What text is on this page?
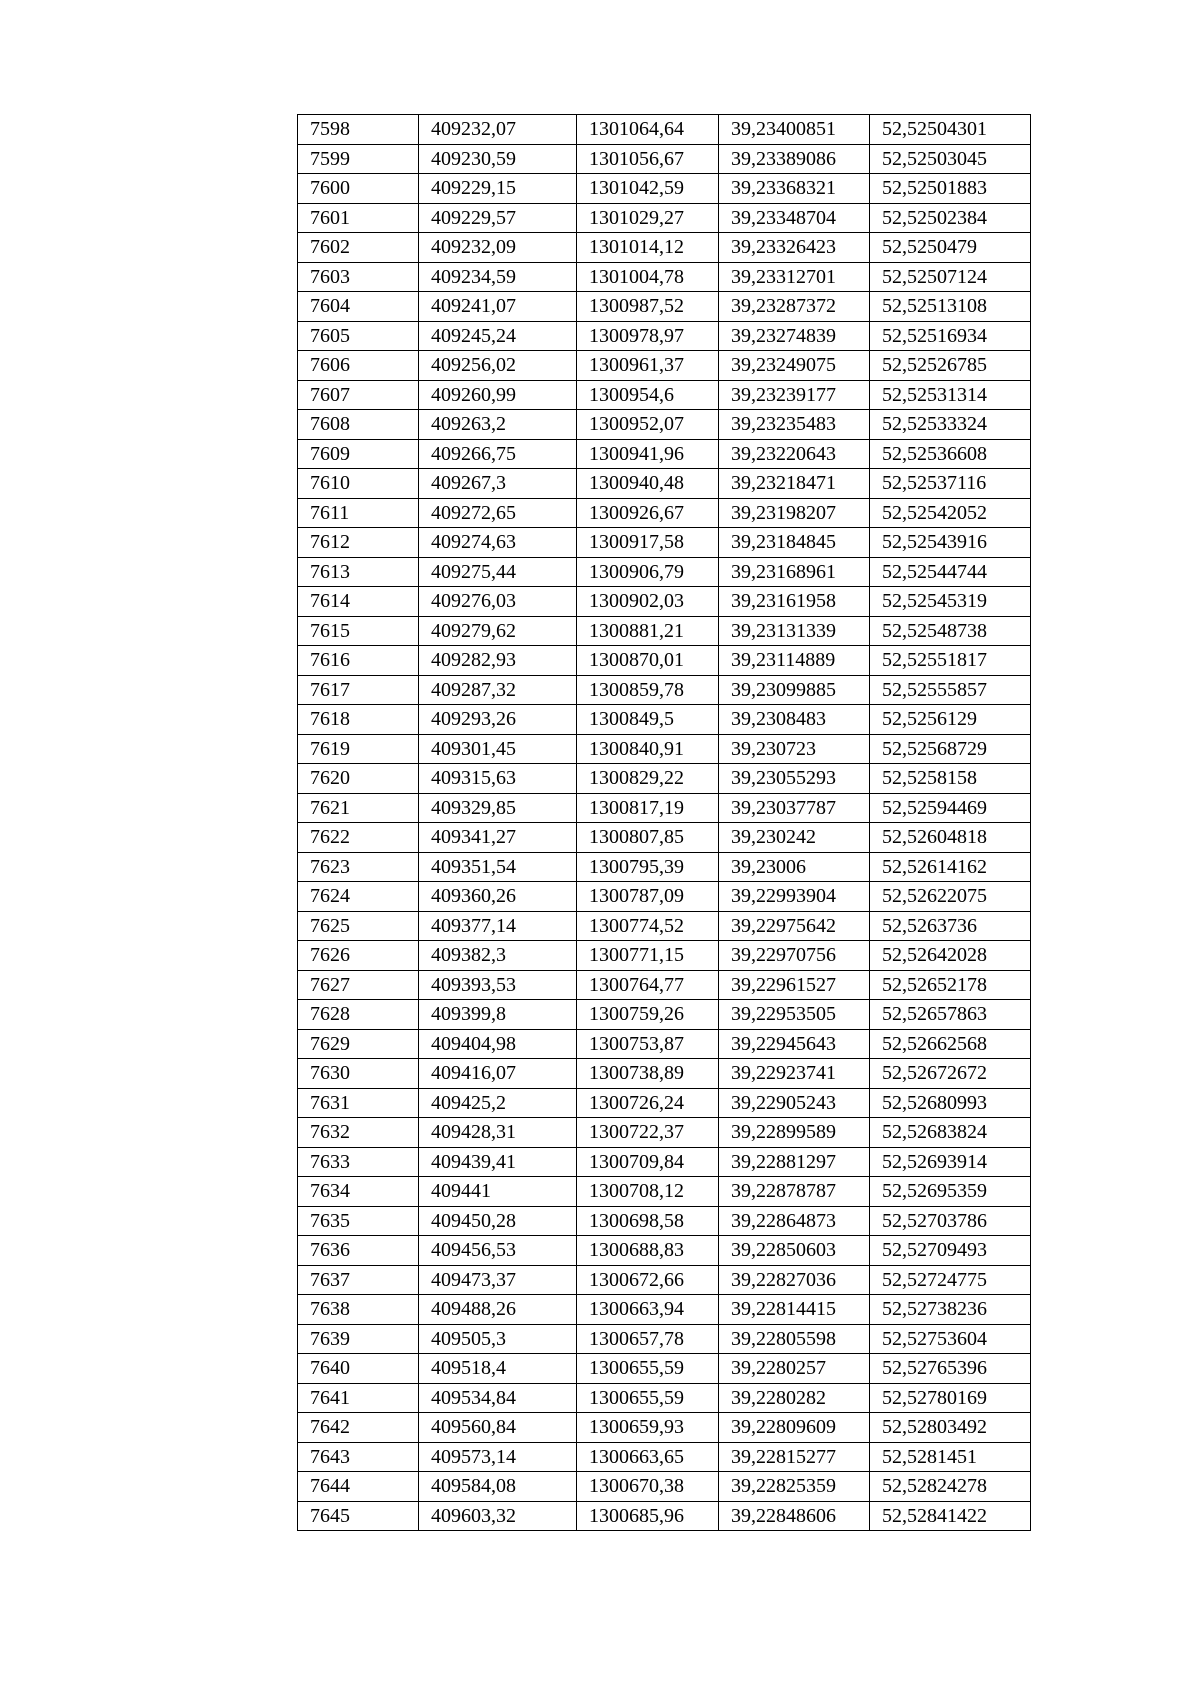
7598	409232,07	1301064,64	39,23400851	52,52504301
7599	409230,59	1301056,67	39,23389086	52,52503045
7600	409229,15	1301042,59	39,23368321	52,52501883
7601	409229,57	1301029,27	39,23348704	52,52502384
7602	409232,09	1301014,12	39,23326423	52,5250479
7603	409234,59	1301004,78	39,23312701	52,52507124
7604	409241,07	1300987,52	39,23287372	52,52513108
7605	409245,24	1300978,97	39,23274839	52,52516934
7606	409256,02	1300961,37	39,23249075	52,52526785
7607	409260,99	1300954,6	39,23239177	52,52531314
7608	409263,2	1300952,07	39,23235483	52,52533324
7609	409266,75	1300941,96	39,23220643	52,52536608
7610	409267,3	1300940,48	39,23218471	52,52537116
7611	409272,65	1300926,67	39,23198207	52,52542052
7612	409274,63	1300917,58	39,23184845	52,52543916
7613	409275,44	1300906,79	39,23168961	52,52544744
7614	409276,03	1300902,03	39,23161958	52,52545319
7615	409279,62	1300881,21	39,23131339	52,52548738
7616	409282,93	1300870,01	39,23114889	52,52551817
7617	409287,32	1300859,78	39,23099885	52,52555857
7618	409293,26	1300849,5	39,2308483	52,5256129
7619	409301,45	1300840,91	39,230723	52,52568729
7620	409315,63	1300829,22	39,23055293	52,5258158
7621	409329,85	1300817,19	39,23037787	52,52594469
7622	409341,27	1300807,85	39,230242	52,52604818
7623	409351,54	1300795,39	39,23006	52,52614162
7624	409360,26	1300787,09	39,22993904	52,52622075
7625	409377,14	1300774,52	39,22975642	52,5263736
7626	409382,3	1300771,15	39,22970756	52,52642028
7627	409393,53	1300764,77	39,22961527	52,52652178
7628	409399,8	1300759,26	39,22953505	52,52657863
7629	409404,98	1300753,87	39,22945643	52,52662568
7630	409416,07	1300738,89	39,22923741	52,52672672
7631	409425,2	1300726,24	39,22905243	52,52680993
7632	409428,31	1300722,37	39,22899589	52,52683824
7633	409439,41	1300709,84	39,22881297	52,52693914
7634	409441	1300708,12	39,22878787	52,52695359
7635	409450,28	1300698,58	39,22864873	52,52703786
7636	409456,53	1300688,83	39,22850603	52,52709493
7637	409473,37	1300672,66	39,22827036	52,52724775
7638	409488,26	1300663,94	39,22814415	52,52738236
7639	409505,3	1300657,78	39,22805598	52,52753604
7640	409518,4	1300655,59	39,2280257	52,52765396
7641	409534,84	1300655,59	39,2280282	52,52780169
7642	409560,84	1300659,93	39,22809609	52,52803492
7643	409573,14	1300663,65	39,22815277	52,5281451
7644	409584,08	1300670,38	39,22825359	52,52824278
7645	409603,32	1300685,96	39,22848606	52,52841422
